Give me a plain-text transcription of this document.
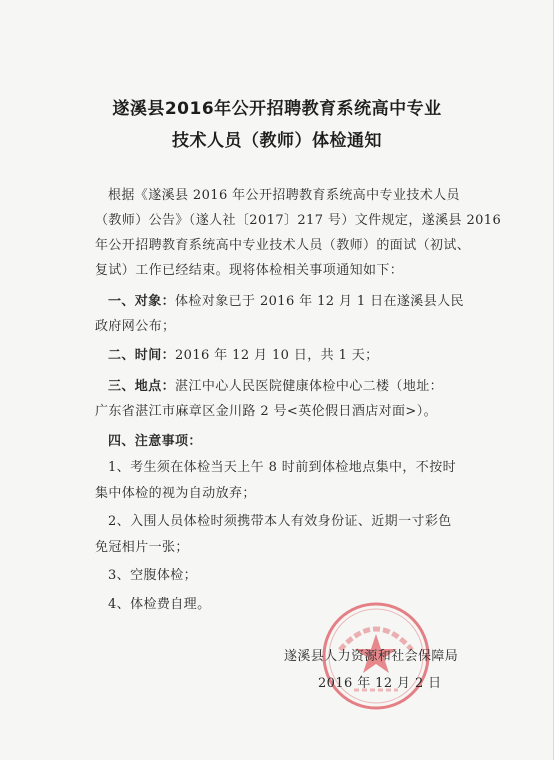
遂溪县2016年公开招聘教育系统高中专业
技术人员（教师）体检通知
根据《遂溪县 2016 年公开招聘教育系统高中专业技术人员
（教师）公告》（遂人社〔2017〕217 号）文件规定，遂溪县 2016
年公开招聘教育系统高中专业技术人员（教师）的面试（初试、
复试）工作已经结束。现将体检相关事项通知如下：
一、对象：体检对象已于 2016 年 12 月 1 日在遂溪县人民
政府网公布；
二、时间：2016 年 12 月 10 日，共 1 天；
三、地点：湛江中心人民医院健康体检中心二楼（地址：
广东省湛江市麻章区金川路 2 号<英伦假日酒店对面>）。
四、注意事项：
1、考生须在体检当天上午 8 时前到体检地点集中，不按时
集中体检的视为自动放弃；
2、入围人员体检时须携带本人有效身份证、近期一寸彩色
免冠相片一张；
3、空腹体检；
4、体检费自理。
遂溪县人力资源和社会保障局
2016 年 12 月 2 日
